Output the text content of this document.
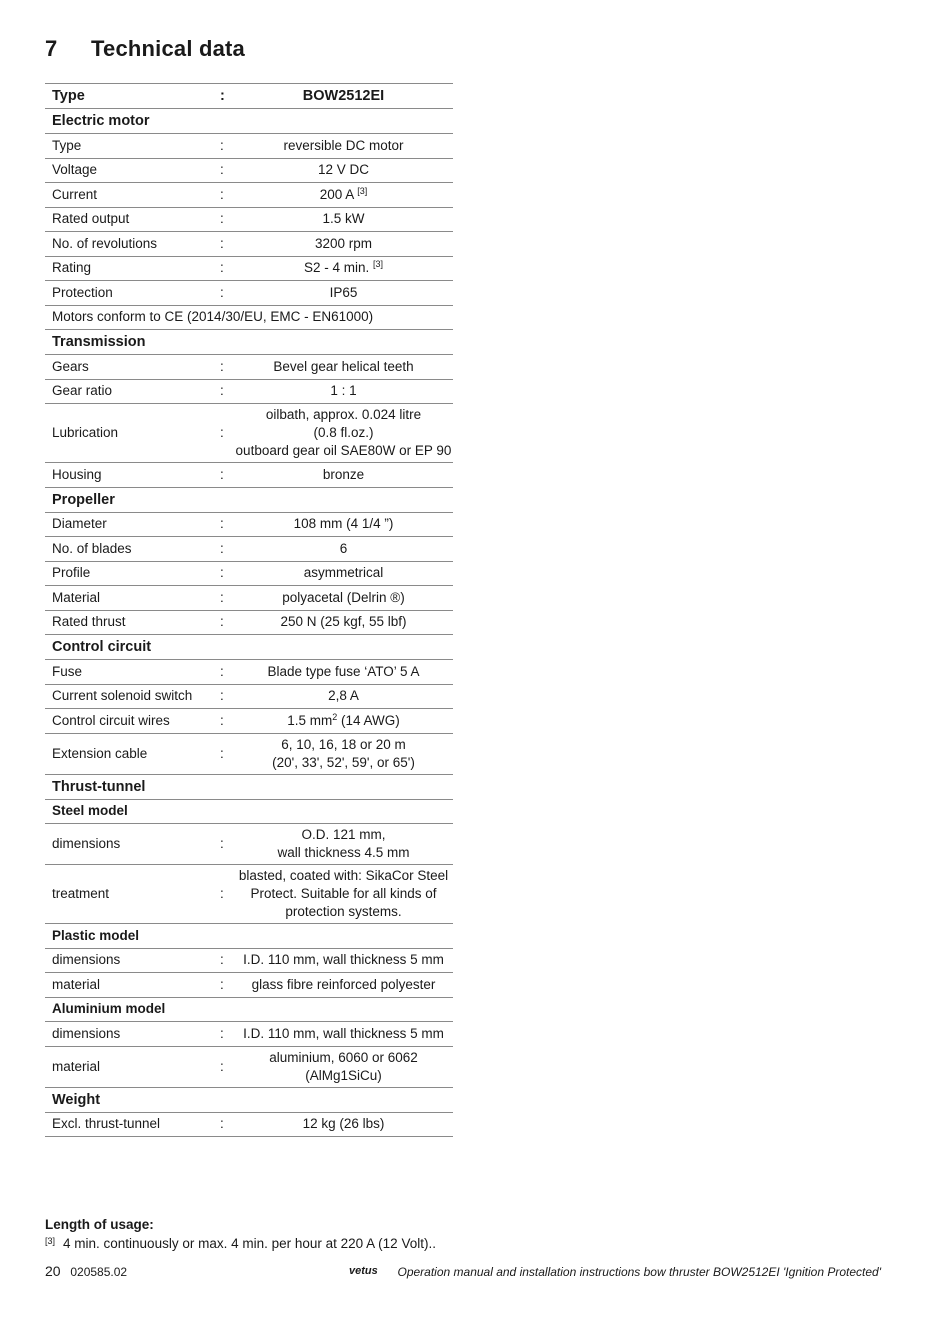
7 Technical data
Type	:	BOW2512EI
Electric motor		
Type	:	reversible DC motor
Voltage	:	12 V DC
Current	:	200 A [3]
Rated output	:	1.5 kW
No. of revolutions	:	3200 rpm
Rating	:	S2 - 4 min. [3]
Protection	:	IP65
Motors conform to CE (2014/30/EU, EMC - EN61000)		
Transmission		
Gears	:	Bevel gear helical teeth
Gear ratio	:	1 : 1
Lubrication	:	oilbath, approx. 0.024 litre
(0.8 fl.oz.)
outboard gear oil SAE80W or EP 90

Housing	:	bronze
Propeller		
Diameter	:	108 mm (4 1/4 ”)
No. of blades	:	6
Profile	:	asymmetrical
Material	:	polyacetal (Delrin ®)
Rated thrust	:	250 N (25 kgf, 55 lbf)
Control circuit		
Fuse	:	Blade type fuse ‘ATO’ 5 A
Current solenoid switch	:	2,8 A
Control circuit wires	:	1.5 $mm^2$ (14 AWG)
Extension cable	:	6, 10, 16, 18 or 20 m
(20', 33', 52', 59', or 65')

Thrust-tunnel		
Steel model		
dimensions	:	O.D. 121 mm,
wall thickness 4.5 mm

treatment	:	blasted, coated with: SikaCor Steel
Protect. Suitable for all kinds of
protection systems.

Plastic model		
dimensions	:	I.D. 110 mm, wall thickness 5 mm
material	:	glass fibre reinforced polyester
Aluminium model		
dimensions	:	I.D. 110 mm, wall thickness 5 mm
material	:	aluminium, 6060 or 6062
(AlMg1SiCu)

Weight		
Excl. thrust-tunnel	:	12 kg (26 lbs)
Length of usage:
[3] 4 min. continuously or max. 4 min. per hour at 220 A (12 Volt)..
20 020585.02	vetus Operation manual and installation instructions bow thruster BOW2512EI 'Ignition Protected'
